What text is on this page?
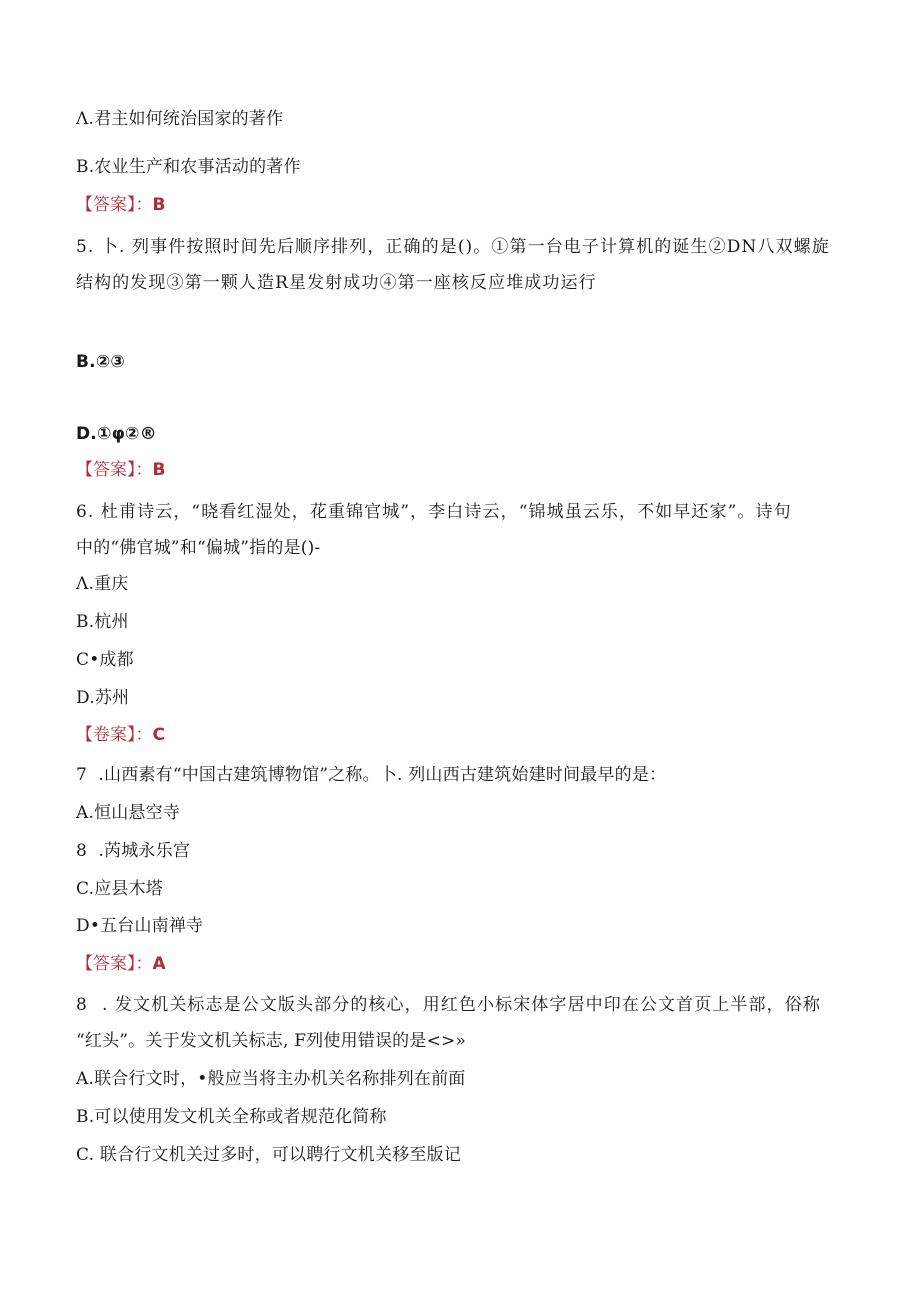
Λ.君主如何统治国家的著作
B.农业生产和农事活动的著作
【答案】：B
5. 卜. 列事件按照时间先后顺序排列，正确的是()。①第一台电子计算机的诞生②DN八双螺旋
结构的发现③第一颗人造R星发射成功④第一座核反应堆成功运行
B.②③
D.①φ②®
【答案】：B
6. 杜甫诗云，“晓看红湿处，花重锦官城”，李白诗云，“锦城虽云乐，不如早还家”。诗句
中的“佛官城”和“偏城”指的是()-
Λ.重庆
B.杭州
C•成都
D.苏州
【卷案】：C
7	.山西素有“中国古建筑博物馆”之称。卜. 列山西古建筑始建时间最早的是：
A.恒山悬空寺
8	.芮城永乐宫
C.应县木塔
D•五台山南禅寺
【答案】：A
8	. 发文机关标志是公文版头部分的核心，用红色小标宋体字居中印在公文首页上半部，俗称
“红头”。关于发文机关标志, F列使用错误的是<>»
A.联合行文时，•般应当将主办机关名称排列在前面
B.可以使用发文机关全称或者规范化简称
C. 联合行文机关过多时，可以聘行文机关移至版记
